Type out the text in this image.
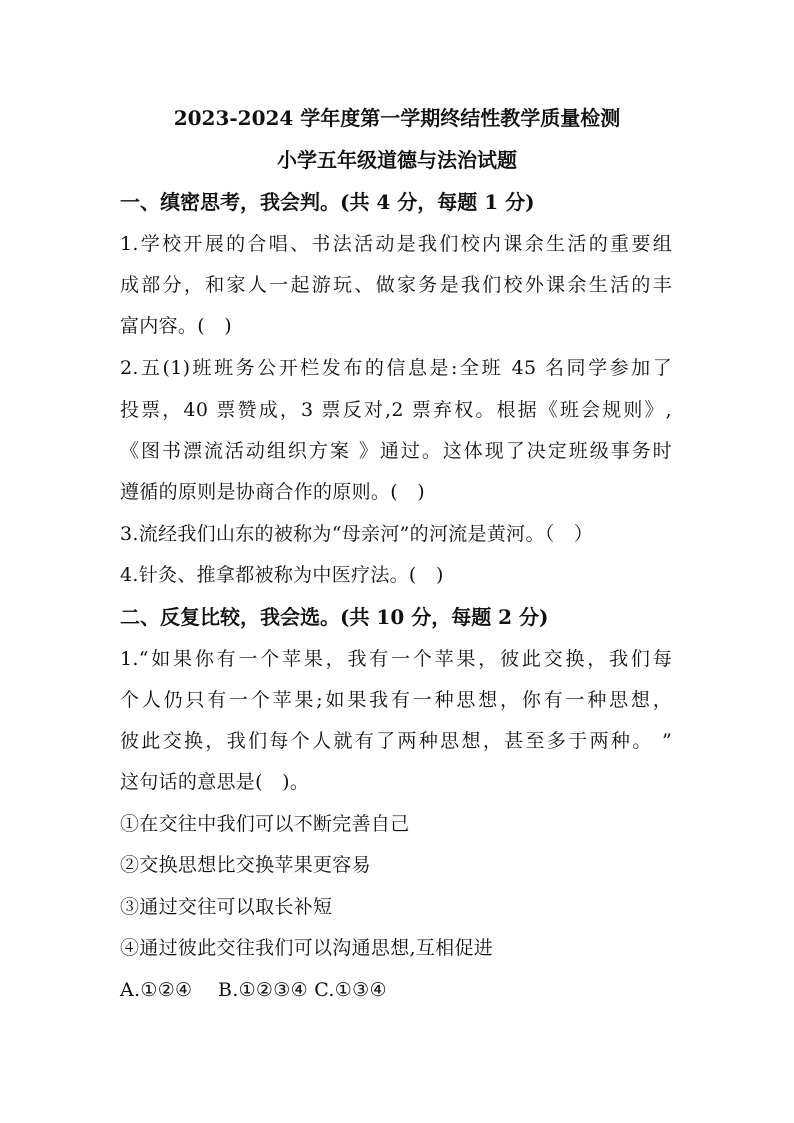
2023-2024 学年度第一学期终结性教学质量检测
小学五年级道德与法治试题
一、缜密思考，我会判。(共 4 分，每题 1 分)
1.学校开展的合唱、书法活动是我们校内课余生活的重要组
成部分，和家人一起游玩、做家务是我们校外课余生活的丰
富内容。(　)
2.五(1)班班务公开栏发布的信息是:全班 45 名同学参加了
投票，40 票赞成，3 票反对,2 票弃权。根据《班会规则》,
《图书漂流活动组织方案 》通过。这体现了决定班级事务时
遵循的原则是协商合作的原则。(　)
3.流经我们山东的被称为“母亲河”的河流是黄河。（　）
4.针灸、推拿都被称为中医疗法。(　)
二、反复比较，我会选。(共 10 分，每题 2 分)
1.“如果你有一个苹果，我有一个苹果，彼此交换，我们每
个人仍只有一个苹果;如果我有一种思想，你有一种思想，
彼此交换，我们每个人就有了两种思想，甚至多于两种。 ”
这句话的意思是(　)。
①在交往中我们可以不断完善自己
②交换思想比交换苹果更容易
③通过交往可以取长补短
④通过彼此交往我们可以沟通思想,互相促进
A.①②④　 B.①②③④ C.①③④
